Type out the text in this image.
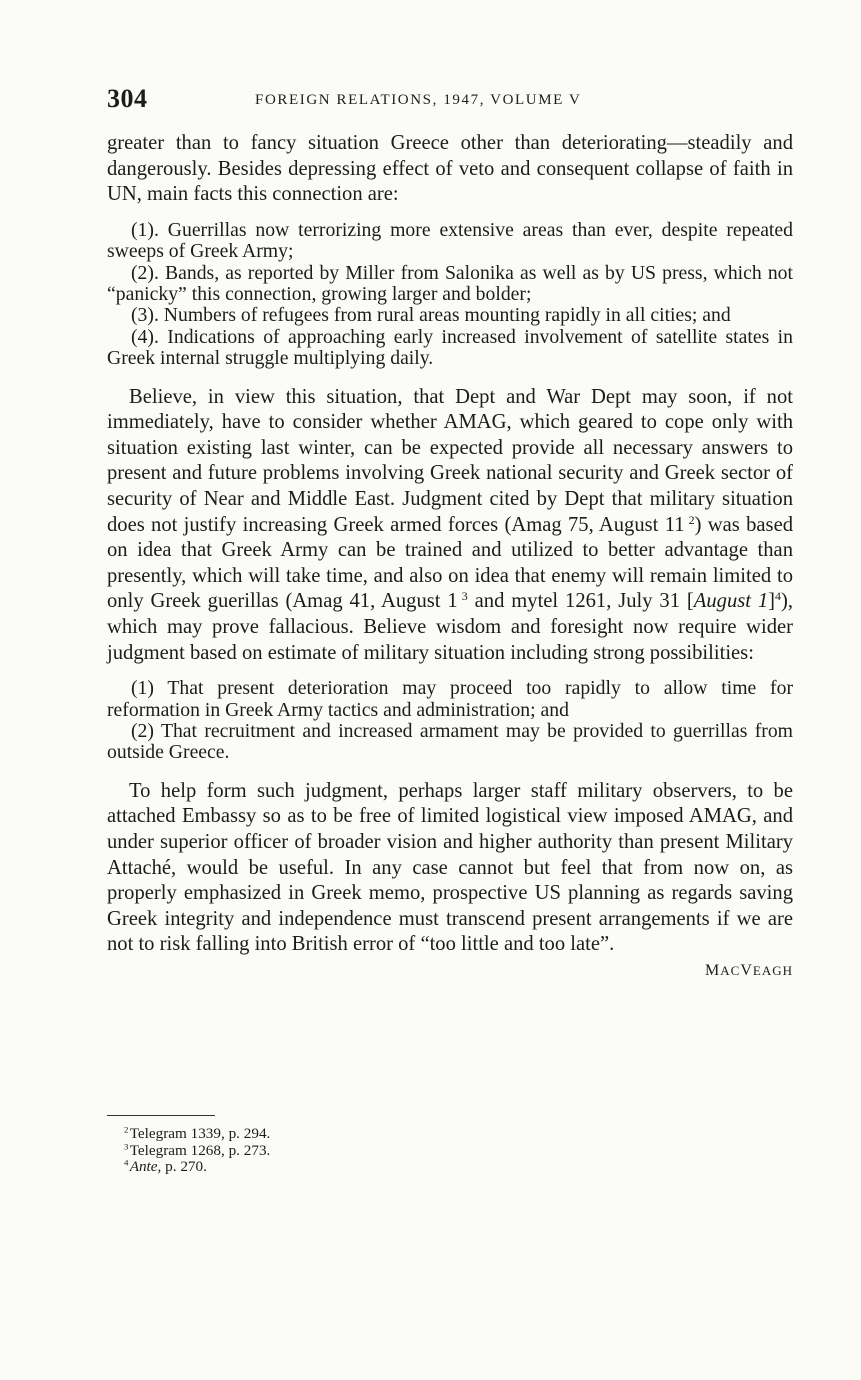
304	FOREIGN RELATIONS, 1947, VOLUME V

greater than to fancy situation Greece other than deteriorating—steadily and dangerously. Besides depressing effect of veto and consequent collapse of faith in UN, main facts this connection are:

(1). Guerrillas now terrorizing more extensive areas than ever, despite repeated sweeps of Greek Army;

(2). Bands, as reported by Miller from Salonika as well as by US press, which not “panicky” this connection, growing larger and bolder;

(3). Numbers of refugees from rural areas mounting rapidly in all cities; and

(4). Indications of approaching early increased involvement of satellite states in Greek internal struggle multiplying daily.

Believe, in view this situation, that Dept and War Dept may soon, if not immediately, have to consider whether AMAG, which geared to cope only with situation existing last winter, can be expected provide all necessary answers to present and future problems involving Greek national security and Greek sector of security of Near and Middle East. Judgment cited by Dept that military situation does not justify increasing Greek armed forces (Amag 75, August 11  $^2$) was based on idea that Greek Army can be trained and utilized to better advantage than presently, which will take time, and also on idea that enemy will remain limited to only Greek guerillas (Amag 41, August 1  $^3$ and mytel 1261, July 31 [August 1]$^4$), which may prove fallacious. Believe wisdom and foresight now require wider judgment based on estimate of military situation including strong possibilities:

(1) That present deterioration may proceed too rapidly to allow time for reformation in Greek Army tactics and administration; and

(2) That recruitment and increased armament may be provided to guerrillas from outside Greece.

To help form such judgment, perhaps larger staff military observers, to be attached Embassy so as to be free of limited logistical view imposed AMAG, and under superior officer of broader vision and higher authority than present Military Attaché, would be useful. In any case cannot but feel that from now on, as properly emphasized in Greek memo, prospective US planning as regards saving Greek integrity and independence must transcend present arrangements if we are not to risk falling into British error of “too little and too late”.

MACVEAGH

$^2$ Telegram 1339, p. 294.

$^3$ Telegram 1268, p. 273.

$^4$ Ante, p. 270.
